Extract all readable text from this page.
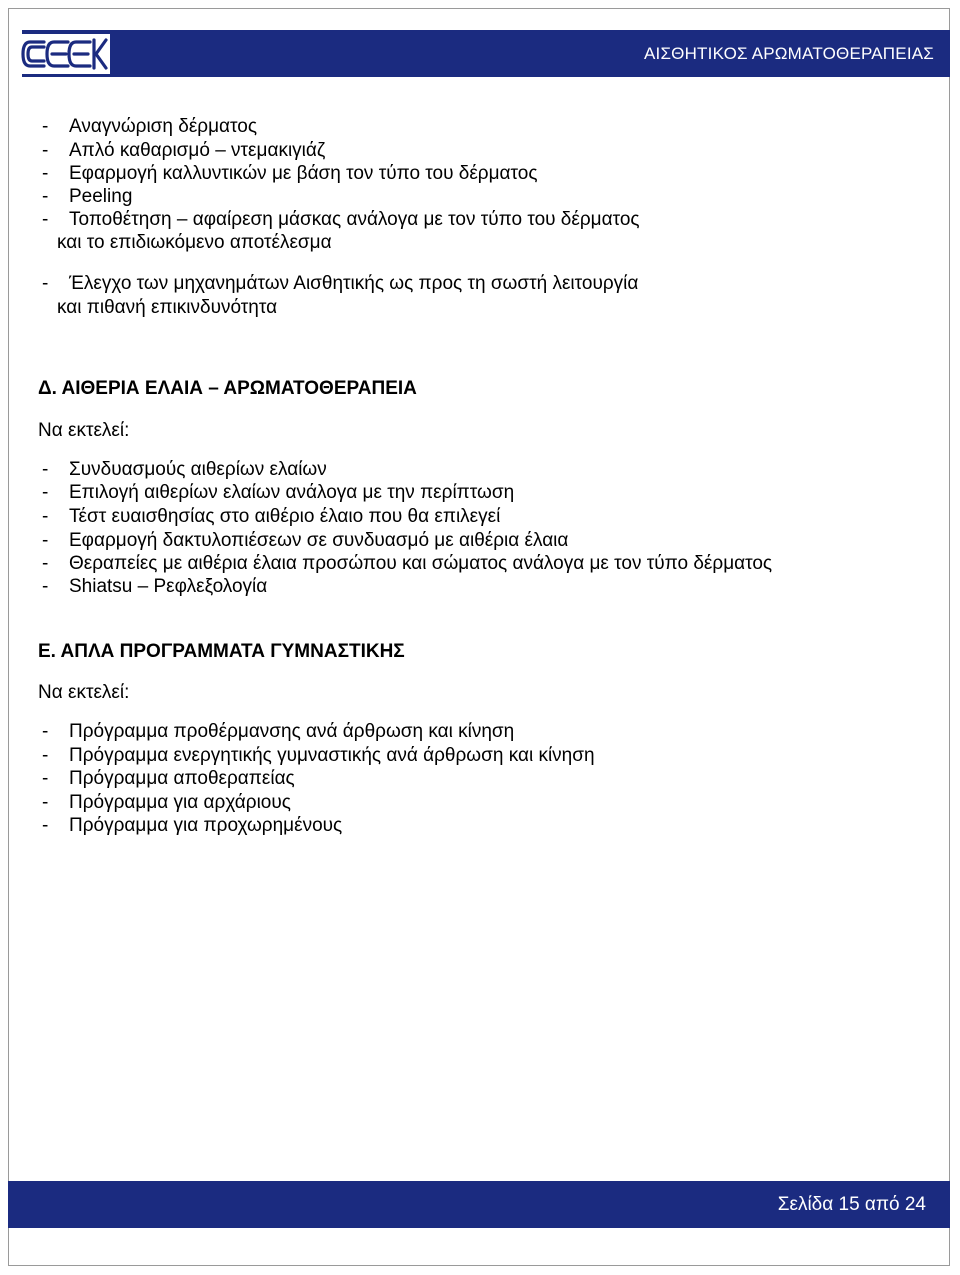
ΑΙΣΘΗΤΙΚΟΣ ΑΡΩΜΑΤΟΘΕΡΑΠΕΙΑΣ
- Αναγνώριση δέρματος
- Απλό καθαρισμό – ντεμακιγιάζ
- Εφαρμογή καλλυντικών με βάση τον τύπο του δέρματος
- Peeling
- Τοποθέτηση – αφαίρεση μάσκας ανάλογα με τον τύπο του δέρματος
και το επιδιωκόμενο αποτέλεσμα
- Έλεγχο των μηχανημάτων Αισθητικής ως προς τη σωστή λειτουργία
και πιθανή επικινδυνότητα
Δ. ΑΙΘΕΡΙΑ ΕΛΑΙΑ – ΑΡΩΜΑΤΟΘΕΡΑΠΕΙΑ
Να εκτελεί:
- Συνδυασμούς αιθερίων ελαίων
- Επιλογή αιθερίων ελαίων ανάλογα με την περίπτωση
- Τέστ ευαισθησίας στο αιθέριο έλαιο που θα επιλεγεί
- Εφαρμογή δακτυλοπιέσεων σε συνδυασμό με αιθέρια έλαια
- Θεραπείες με αιθέρια έλαια προσώπου και σώματος ανάλογα με τον τύπο δέρματος
- Shiatsu – Ρεφλεξολογία
Ε. ΑΠΛΑ ΠΡΟΓΡΑΜΜΑΤΑ ΓΥΜΝΑΣΤΙΚΗΣ
Να εκτελεί:
- Πρόγραμμα προθέρμανσης ανά άρθρωση και κίνηση
- Πρόγραμμα ενεργητικής γυμναστικής ανά άρθρωση και κίνηση
- Πρόγραμμα αποθεραπείας
- Πρόγραμμα για αρχάριους
- Πρόγραμμα για προχωρημένους
Σελίδα 15 από 24
